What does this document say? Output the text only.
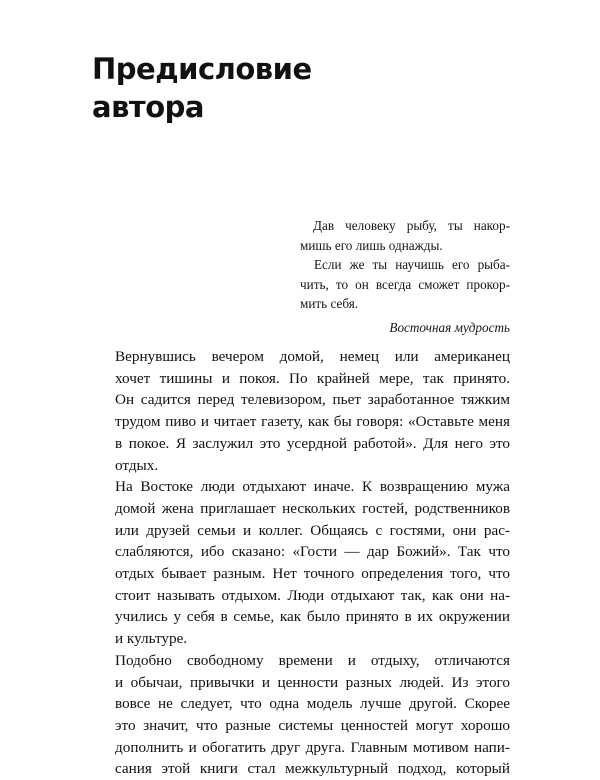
Предисловие
автора

Дав человеку рыбу, ты накор- мишь его лишь однажды.

Если же ты научишь его рыба- чить, то он всегда сможет прокор- мить себя.

Восточная мудрость

Вернувшись вечером домой, немец или американец
хочет тишины и покоя. По крайней мере, так принято.
Он садится перед телевизором, пьет заработанное тяжким
трудом пиво и читает газету, как бы говоря: «Оставьте меня
в покое. Я заслужил это усердной работой». Для него это
отдых.

На Востоке люди отдыхают иначе. К возвращению мужа
домой жена приглашает нескольких гостей, родственников
или друзей семьи и коллег. Общаясь с гостями, они рас-
слабляются, ибо сказано: «Гости — дар Божий». Так что
отдых бывает разным. Нет точного определения того, что
стоит называть отдыхом. Люди отдыхают так, как они на-
учились у себя в семье, как было принято в их окружении
и культуре.

Подобно свободному времени и отдыху, отличаются
и обычаи, привычки и ценности разных людей. Из этого
вовсе не следует, что одна модель лучше другой. Скорее
это значит, что разные системы ценностей могут хорошо
дополнить и обогатить друг друга. Главным мотивом напи-
сания этой книги стал межкультурный подход, который
